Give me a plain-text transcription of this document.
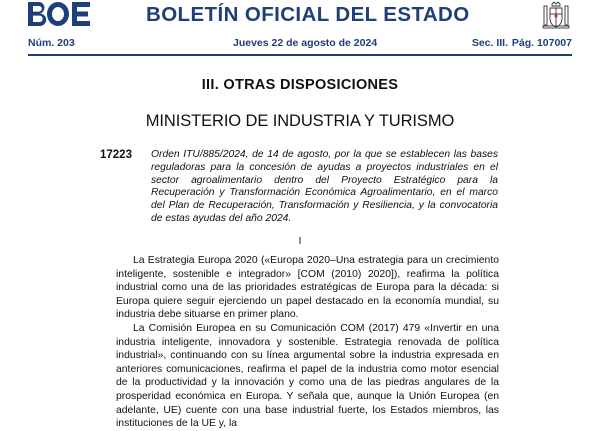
BOLETÍN OFICIAL DEL ESTADO
Núm. 203	Jueves 22 de agosto de 2024	Sec. III. Pág. 107007
III. OTRAS DISPOSICIONES
MINISTERIO DE INDUSTRIA Y TURISMO
17223 Orden ITU/885/2024, de 14 de agosto, por la que se establecen las bases reguladoras para la concesión de ayudas a proyectos industriales en el sector agroalimentario dentro del Proyecto Estratégico para la Recuperación y Transformación Económica Agroalimentario, en el marco del Plan de Recuperación, Transformación y Resiliencia, y la convocatoria de estas ayudas del año 2024.
I

La Estrategia Europa 2020 («Europa 2020–Una estrategia para un crecimiento inteligente, sostenible e integrador» [COM (2010) 2020]), reafirma la política industrial como una de las prioridades estratégicas de Europa para la década: si Europa quiere seguir ejerciendo un papel destacado en la economía mundial, su industria debe situarse en primer plano.

La Comisión Europea en su Comunicación COM (2017) 479 «Invertir en una industria inteligente, innovadora y sostenible. Estrategia renovada de política industrial», continuando con su línea argumental sobre la industria expresada en anteriores comunicaciones, reafirma el papel de la industria como motor esencial de la productividad y la innovación y como una de las piedras angulares de la prosperidad económica en Europa. Y señala que, aunque la Unión Europea (en adelante, UE) cuente con una base industrial fuerte, los Estados miembros, las instituciones de la UE y, la
